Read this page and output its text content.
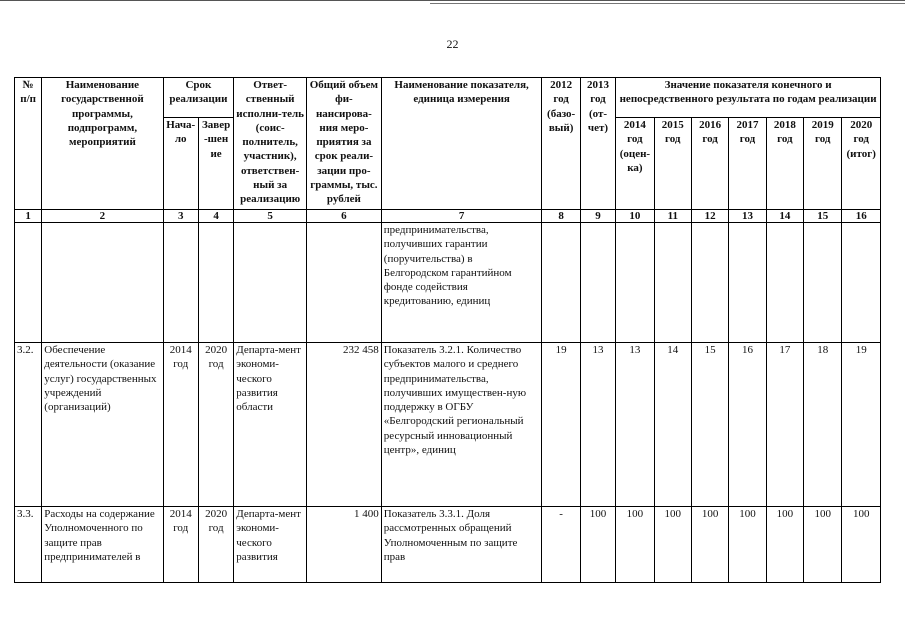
22
№ п/п	Наименование государственной программы, подпрограмм, мероприятий	Срок реализации		Ответ-ственный исполни-тель (соис-полнитель, участник), ответствен-ный за реализацию	Общий объем фи-нансирова-ния меро-приятия за срок реали-зации про-граммы, тыс. рублей	Наименование показателя, единица измерения	2012 год (базо-вый)	2013 год (от-чет)	Значение показателя конечного и непосредственного результата по годам реализации						
		Нача-ло	Завер-шение						2014 год (оцен-ка)	2015 год	2016 год	2017 год	2018 год	2019 год	2020 год (итог)
1	2	3	4	5	6	7	8	9	10	11	12	13	14	15	16
						предпринимательства, получивших гарантии (поручительства) в Белгородском гарантийном фонде содействия кредитованию, единиц									
3.2.	Обеспечение деятельности (оказание услуг) государственных учреждений (организаций)	2014 год	2020 год	Департа-мент экономи-ческого развития области	232 458	Показатель 3.2.1. Количество субъектов малого и среднего предпринимательства, получивших имуществен-ную поддержку в ОГБУ «Белгородский региональный ресурсный инновационный центр», единиц	19	13	13	14	15	16	17	18	19
3.3.	Расходы на содержание Уполномоченного по защите прав предпринимателей в	2014 год	2020 год	Департа-мент экономи-ческого развития	1 400	Показатель 3.3.1. Доля рассмотренных обращений Уполномоченным по защите прав	-	100	100	100	100	100	100	100	100
